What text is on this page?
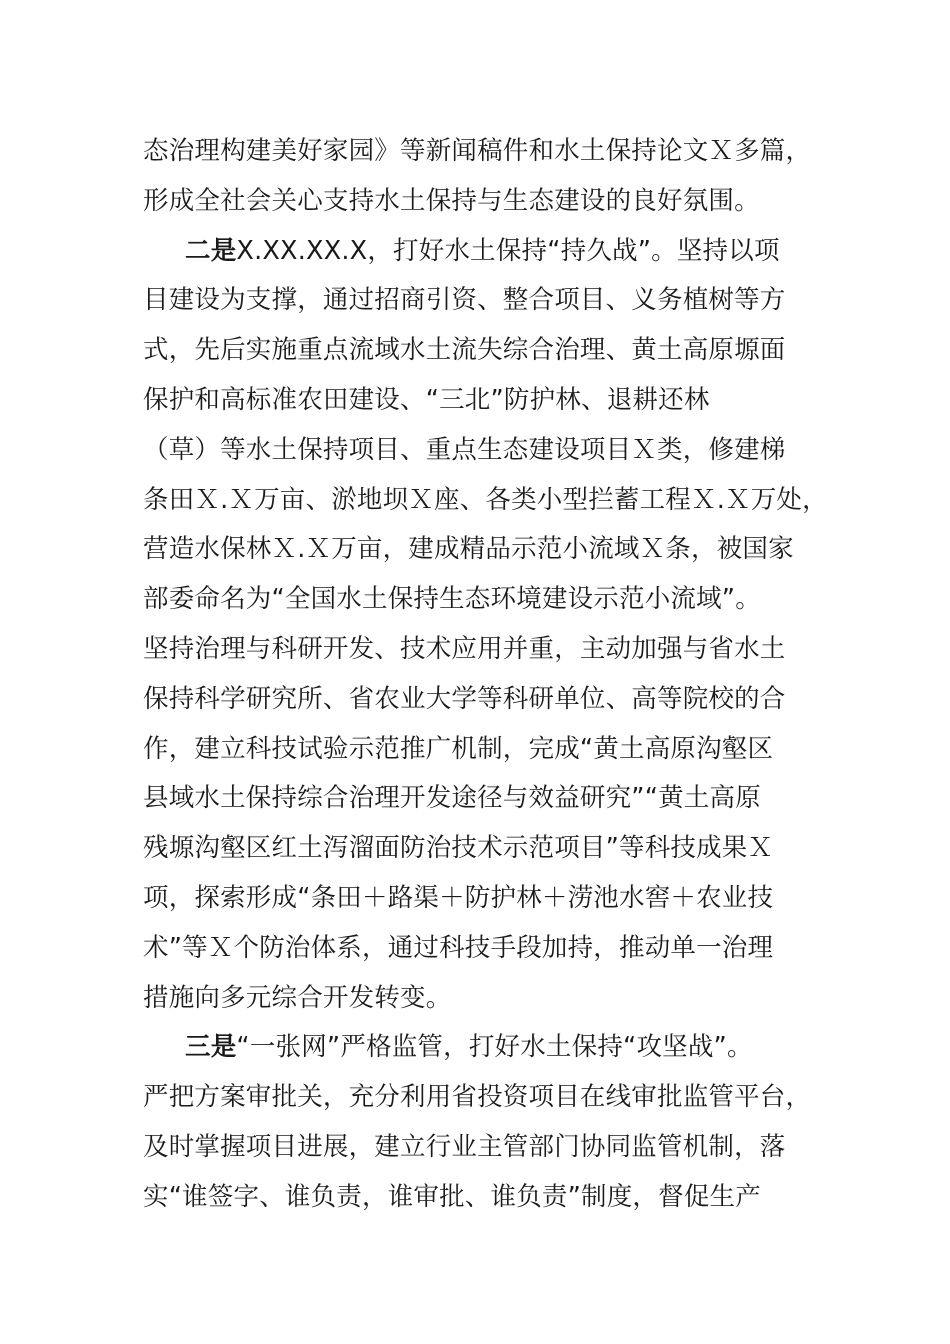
态治理构建美好家园》等新闻稿件和水土保持论文Ｘ多篇，
形成全社会关心支持水土保持与生态建设的良好氛围。
二是X.XX.XX.X，打好水土保持“持久战”。坚持以项
目建设为支撑，通过招商引资、整合项目、义务植树等方
式，先后实施重点流域水土流失综合治理、黄土高原塬面
保护和高标准农田建设、“三北”防护林、退耕还林
（草）等水土保持项目、重点生态建设项目Ｘ类，修建梯
条田Ｘ.Ｘ万亩、淤地坝Ｘ座、各类小型拦蓄工程Ｘ.Ｘ万处，
营造水保林Ｘ.Ｘ万亩，建成精品示范小流域Ｘ条，被国家
部委命名为“全国水土保持生态环境建设示范小流域”。
坚持治理与科研开发、技术应用并重，主动加强与省水土
保持科学研究所、省农业大学等科研单位、高等院校的合
作，建立科技试验示范推广机制，完成“黄土高原沟壑区
县域水土保持综合治理开发途径与效益研究”“黄土高原
残塬沟壑区红土泻溜面防治技术示范项目”等科技成果Ｘ
项，探索形成“条田＋路渠＋防护林＋涝池水窖＋农业技
术”等Ｘ个防治体系，通过科技手段加持，推动单一治理
措施向多元综合开发转变。
三是“一张网”严格监管，打好水土保持“攻坚战”。
严把方案审批关，充分利用省投资项目在线审批监管平台，
及时掌握项目进展，建立行业主管部门协同监管机制，落
实“谁签字、谁负责，谁审批、谁负责”制度，督促生产
